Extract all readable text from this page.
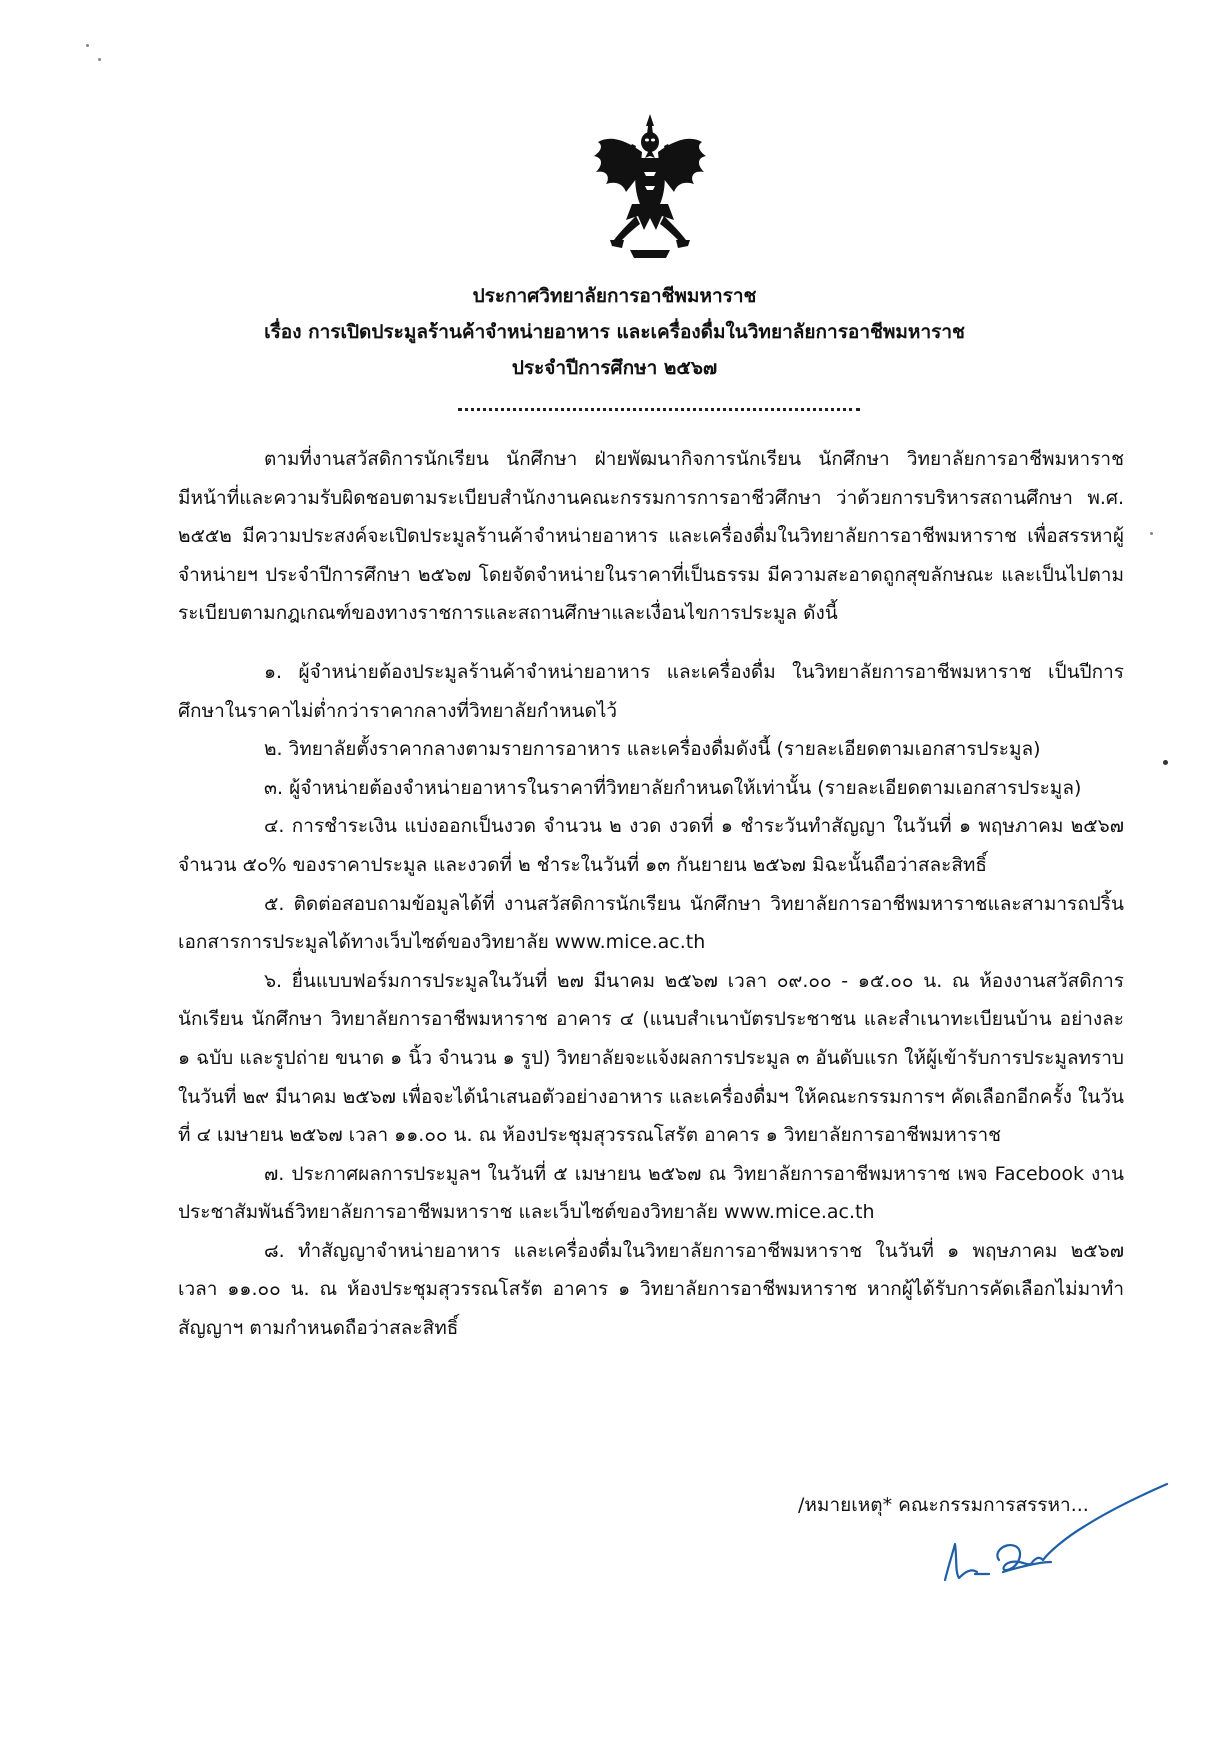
ประกาศวิทยาลัยการอาชีพมหาราช
เรื่อง การเปิดประมูลร้านค้าจำหน่ายอาหาร และเครื่องดื่มในวิทยาลัยการอาชีพมหาราช
ประจำปีการศึกษา ๒๕๖๗

ตามที่งานสวัสดิการนักเรียน นักศึกษา ฝ่ายพัฒนากิจการนักเรียน นักศึกษา วิทยาลัยการอาชีพมหาราช มีหน้าที่และความรับผิดชอบตามระเบียบสำนักงานคณะกรรมการการอาชีวศึกษา ว่าด้วยการบริหารสถานศึกษา พ.ศ. ๒๕๕๒ มีความประสงค์จะเปิดประมูลร้านค้าจำหน่ายอาหาร และเครื่องดื่มในวิทยาลัยการอาชีพมหาราช เพื่อสรรหาผู้จำหน่ายฯ ประจำปีการศึกษา ๒๕๖๗ โดยจัดจำหน่ายในราคาที่เป็นธรรม มีความสะอาดถูกสุขลักษณะ และเป็นไปตามระเบียบตามกฎเกณฑ์ของทางราชการและสถานศึกษาและเงื่อนไขการประมูล ดังนี้

๑. ผู้จำหน่ายต้องประมูลร้านค้าจำหน่ายอาหาร และเครื่องดื่ม ในวิทยาลัยการอาชีพมหาราช เป็นปีการศึกษาในราคาไม่ต่ำกว่าราคากลางที่วิทยาลัยกำหนดไว้

๒. วิทยาลัยตั้งราคากลางตามรายการอาหาร และเครื่องดื่มดังนี้ (รายละเอียดตามเอกสารประมูล)

๓. ผู้จำหน่ายต้องจำหน่ายอาหารในราคาที่วิทยาลัยกำหนดให้เท่านั้น (รายละเอียดตามเอกสารประมูล)

๔. การชำระเงิน แบ่งออกเป็นงวด จำนวน ๒ งวด งวดที่ ๑ ชำระวันทำสัญญา ในวันที่ ๑ พฤษภาคม ๒๕๖๗ จำนวน ๕๐% ของราคาประมูล และงวดที่ ๒ ชำระในวันที่ ๑๓ กันยายน ๒๕๖๗ มิฉะนั้นถือว่าสละสิทธิ์

๕. ติดต่อสอบถามข้อมูลได้ที่ งานสวัสดิการนักเรียน นักศึกษา วิทยาลัยการอาชีพมหาราชและสามารถปริ้นเอกสารการประมูลได้ทางเว็บไซต์ของวิทยาลัย www.mice.ac.th

๖. ยื่นแบบฟอร์มการประมูลในวันที่ ๒๗ มีนาคม ๒๕๖๗ เวลา ๐๙.๐๐ - ๑๕.๐๐ น. ณ ห้องงานสวัสดิการนักเรียน นักศึกษา วิทยาลัยการอาชีพมหาราช อาคาร ๔ (แนบสำเนาบัตรประชาชน และสำเนาทะเบียนบ้าน อย่างละ ๑ ฉบับ และรูปถ่าย ขนาด ๑ นิ้ว จำนวน ๑ รูป) วิทยาลัยจะแจ้งผลการประมูล ๓ อันดับแรก ให้ผู้เข้ารับการประมูลทราบ ในวันที่ ๒๙ มีนาคม ๒๕๖๗ เพื่อจะได้นำเสนอตัวอย่างอาหาร และเครื่องดื่มฯ ให้คณะกรรมการฯ คัดเลือกอีกครั้ง ในวันที่ ๔ เมษายน ๒๕๖๗ เวลา ๑๑.๐๐ น. ณ ห้องประชุมสุวรรณโสรัต อาคาร ๑ วิทยาลัยการอาชีพมหาราช

๗. ประกาศผลการประมูลฯ ในวันที่ ๕ เมษายน ๒๕๖๗ ณ วิทยาลัยการอาชีพมหาราช เพจ Facebook งานประชาสัมพันธ์วิทยาลัยการอาชีพมหาราช และเว็บไซต์ของวิทยาลัย www.mice.ac.th

๘. ทำสัญญาจำหน่ายอาหาร และเครื่องดื่มในวิทยาลัยการอาชีพมหาราช ในวันที่ ๑ พฤษภาคม ๒๕๖๗ เวลา ๑๑.๐๐ น. ณ ห้องประชุมสุวรรณโสรัต อาคาร ๑ วิทยาลัยการอาชีพมหาราช หากผู้ได้รับการคัดเลือกไม่มาทำสัญญาฯ ตามกำหนดถือว่าสละสิทธิ์

/หมายเหตุ* คณะกรรมการสรรหา...
